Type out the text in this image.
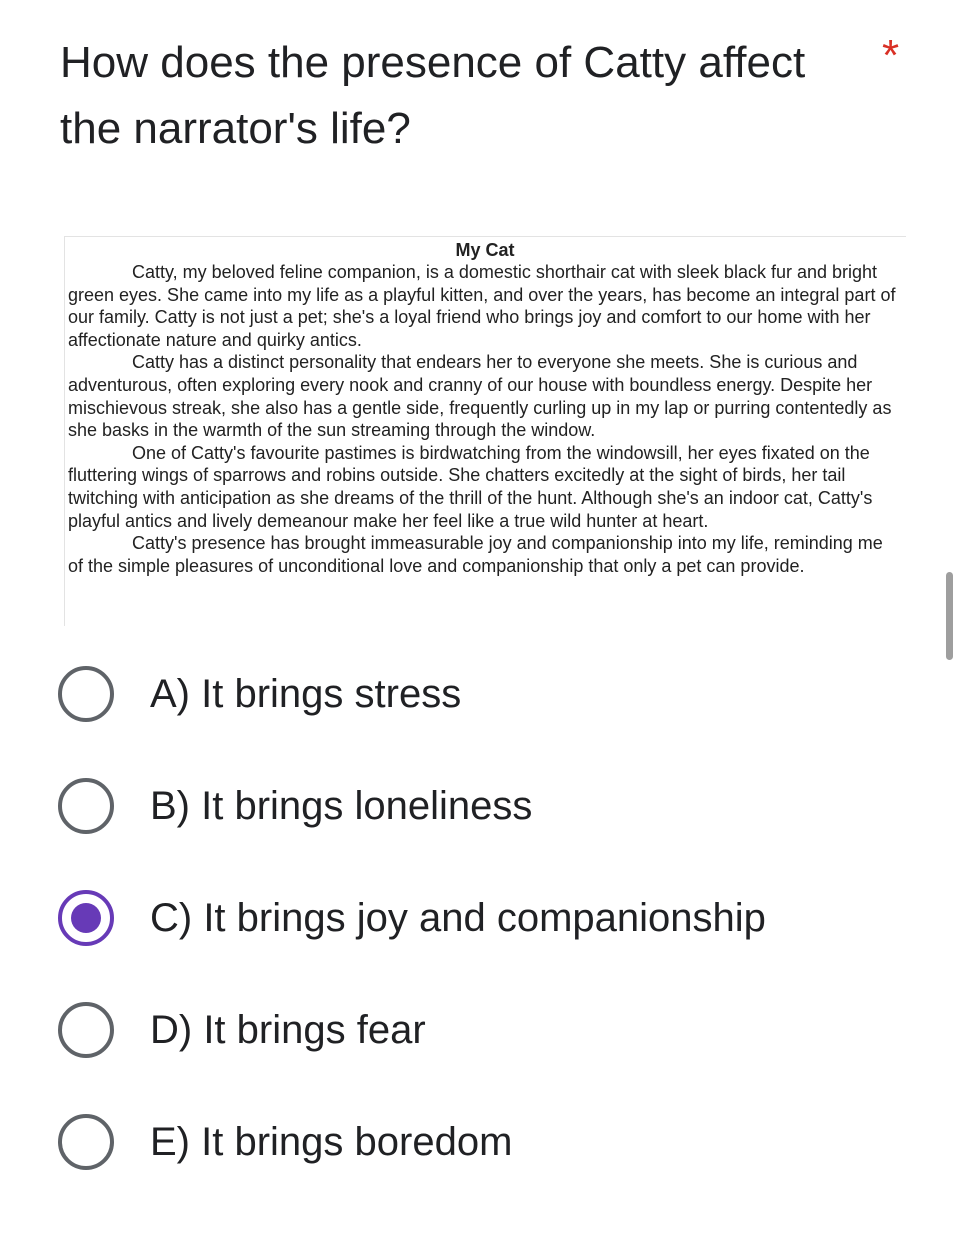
How does the presence of Catty affect the narrator's life?
*
My Cat

Catty, my beloved feline companion, is a domestic shorthair cat with sleek black fur and bright green eyes. She came into my life as a playful kitten, and over the years, has become an integral part of our family. Catty is not just a pet; she's a loyal friend who brings joy and comfort to our home with her affectionate nature and quirky antics.

Catty has a distinct personality that endears her to everyone she meets. She is curious and adventurous, often exploring every nook and cranny of our house with boundless energy. Despite her mischievous streak, she also has a gentle side, frequently curling up in my lap or purring contentedly as she basks in the warmth of the sun streaming through the window.

One of Catty's favourite pastimes is birdwatching from the windowsill, her eyes fixated on the fluttering wings of sparrows and robins outside. She chatters excitedly at the sight of birds, her tail twitching with anticipation as she dreams of the thrill of the hunt. Although she's an indoor cat, Catty's playful antics and lively demeanour make her feel like a true wild hunter at heart.

Catty's presence has brought immeasurable joy and companionship into my life, reminding me of the simple pleasures of unconditional love and companionship that only a pet can provide.

A) It brings stress
B) It brings loneliness
C) It brings joy and companionship
D) It brings fear
E) It brings boredom
